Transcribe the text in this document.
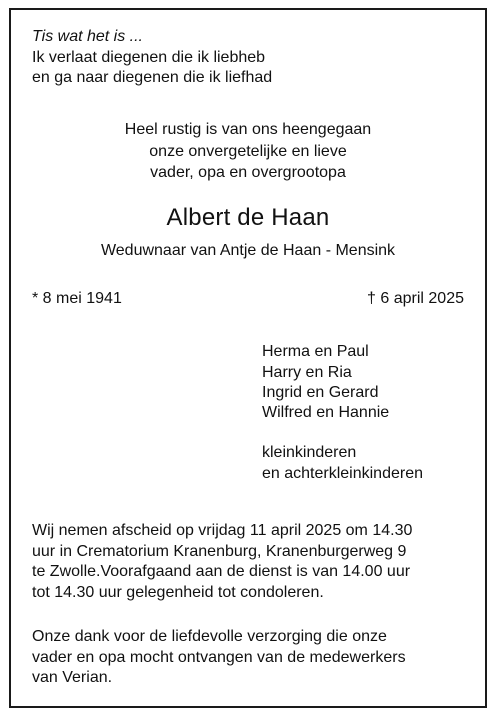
Tis wat het is ...
Ik verlaat diegenen die ik liebheb
en ga naar diegenen die ik liefhad
Heel rustig is van ons heengegaan
onze onvergetelijke en lieve
vader, opa en overgrootopa
Albert de Haan
Weduwnaar van Antje de Haan - Mensink
* 8 mei 1941	† 6 april 2025
Herma en Paul
Harry en Ria
Ingrid en Gerard
Wilfred en Hannie
kleinkinderen
en achterkleinkinderen
Wij nemen afscheid op vrijdag 11 april 2025 om 14.30
uur in Crematorium Kranenburg, Kranenburgerweg 9
te Zwolle.Voorafgaand aan de dienst is van 14.00 uur
tot 14.30 uur gelegenheid tot condoleren.
Onze dank voor de liefdevolle verzorging die onze
vader en opa mocht ontvangen van de medewerkers
van Verian.
